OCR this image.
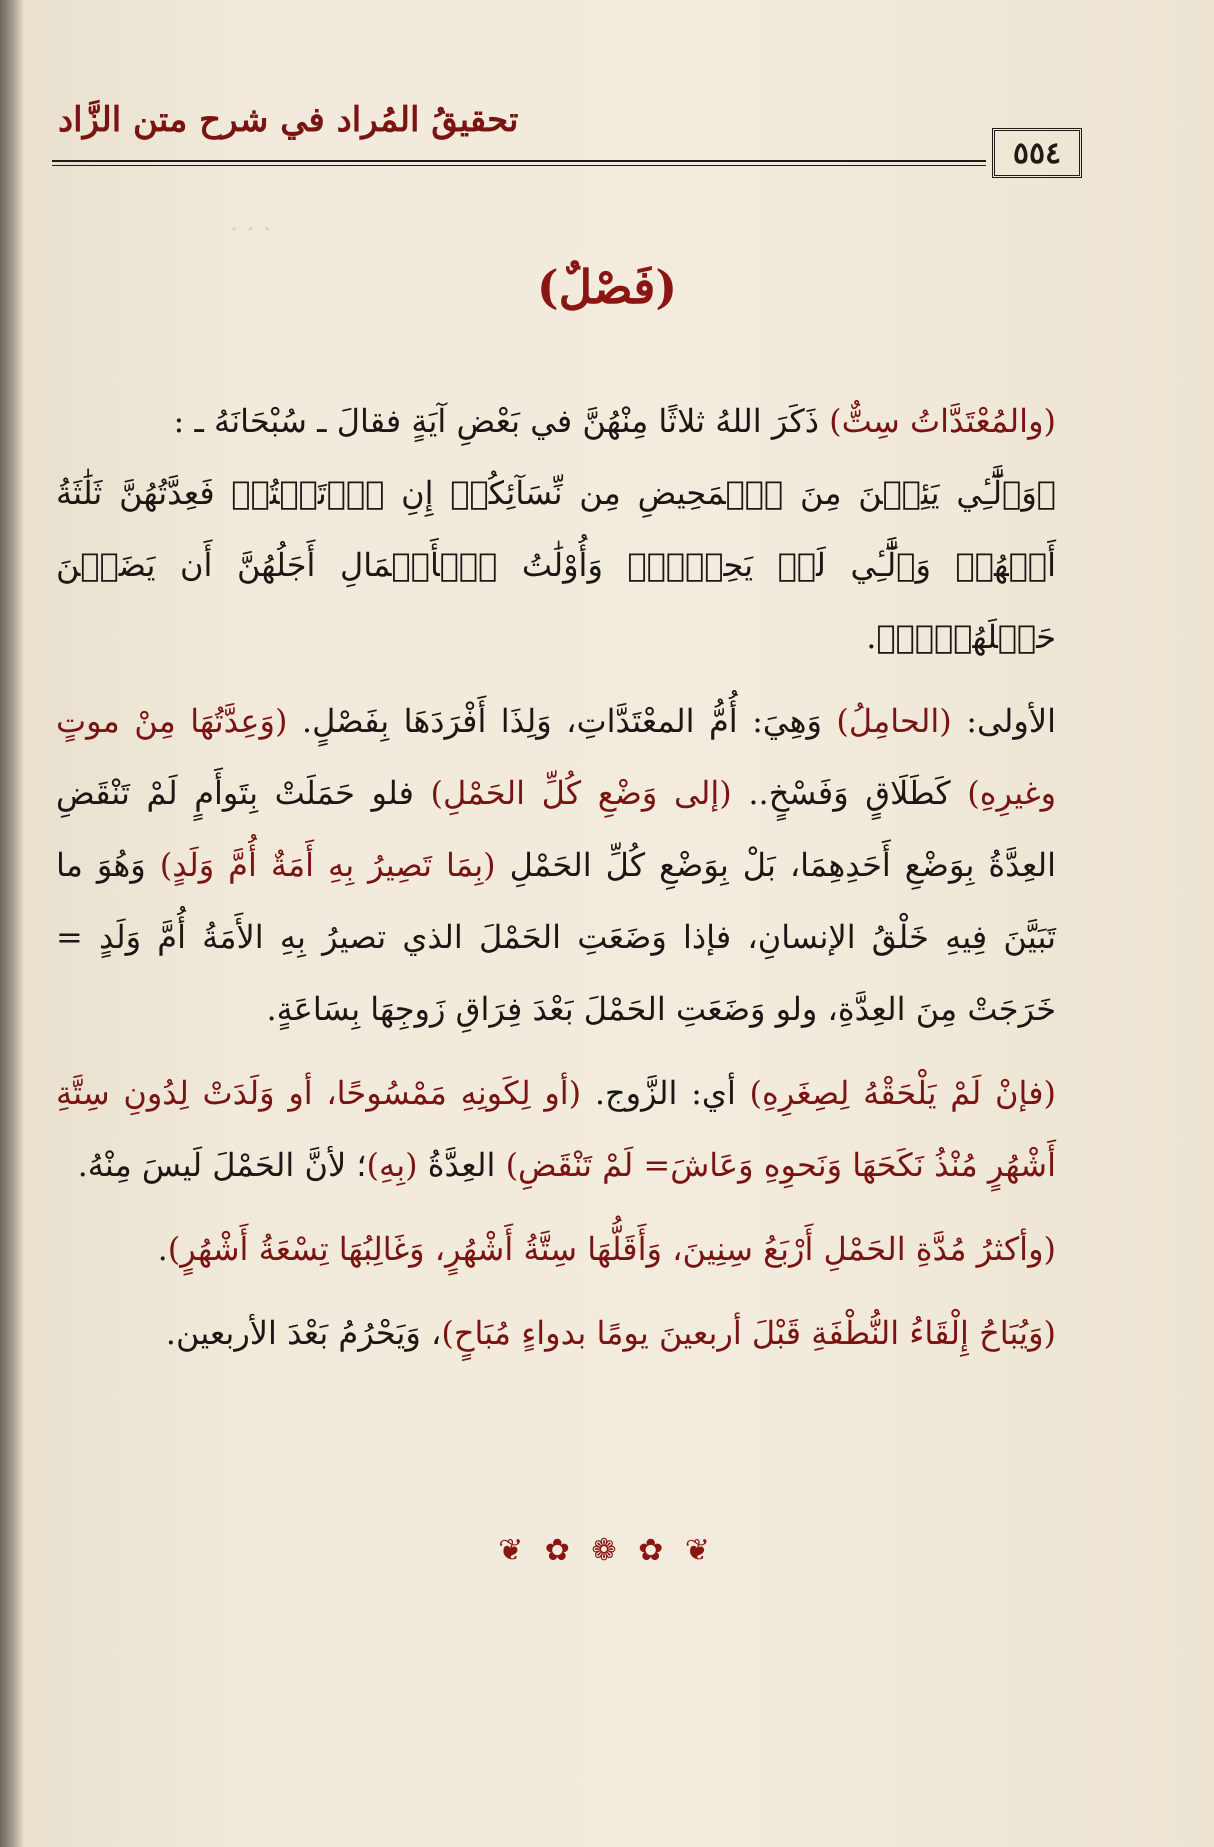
· · ·
تحقيقُ المُراد في شرح متن الزَّاد
٥٥٤
(فَصْلٌ)

(والمُعْتَدَّاتُ سِتٌّ) ذَكَرَ اللهُ ثلاثًا مِنْهُنَّ في بَعْضِ آيَةٍ فقالَ ـ سُبْحَانَهُ ـ :

﴿وَٱلَّٰٓـِٔي يَئِسۡنَ مِنَ ٱلۡمَحِيضِ مِن نِّسَآئِكُمۡ إِنِ ٱرۡتَبۡتُمۡ فَعِدَّتُهُنَّ ثَلَٰثَةُ أَشۡهُرٖ وَٱلَّٰٓـِٔي لَمۡ يَحِضۡنَۚ وَأُوْلَٰتُ ٱلۡأَحۡمَالِ أَجَلُهُنَّ أَن يَضَعۡنَ حَمۡلَهُنَّۚ﴾.

الأولى: (الحامِلُ) وَهِيَ: أُمُّ المعْتَدَّاتِ، وَلِذَا أَفْرَدَهَا بِفَصْلٍ. (وَعِدَّتُهَا مِنْ موتٍ وغيرِهِ) كَطَلَاقٍ وَفَسْخٍ.. (إلى وَضْعِ كُلِّ الحَمْلِ) فلو حَمَلَتْ بِتَوأَمٍ لَمْ تَنْقَضِ العِدَّةُ بِوَضْعِ أَحَدِهِمَا، بَلْ بِوَضْعِ كُلِّ الحَمْلِ (بِمَا تَصِيرُ بِهِ أَمَةٌ أُمَّ وَلَدٍ) وَهُوَ ما تَبَيَّنَ فِيهِ خَلْقُ الإنسانِ، فإذا وَضَعَتِ الحَمْلَ الذي تصيرُ بِهِ الأَمَةُ أُمَّ وَلَدٍ = خَرَجَتْ مِنَ العِدَّةِ، ولو وَضَعَتِ الحَمْلَ بَعْدَ فِرَاقِ زَوجِهَا بِسَاعَةٍ.

(فإنْ لَمْ يَلْحَقْهُ لِصِغَرِهِ) أي: الزَّوج. (أو لِكَونِهِ مَمْسُوحًا، أو وَلَدَتْ لِدُونِ سِتَّةِ أَشْهُرٍ مُنْذُ نَكَحَهَا وَنَحوِهِ وَعَاشَ= لَمْ تَنْقَضِ) العِدَّةُ (بِهِ)؛ لأنَّ الحَمْلَ لَيسَ مِنْهُ.

(وأكثرُ مُدَّةِ الحَمْلِ أَرْبَعُ سِنِينَ، وَأَقَلُّهَا سِتَّةُ أَشْهُرٍ، وَغَالِبُهَا تِسْعَةُ أَشْهُرٍ).

(وَيُبَاحُ إِلْقَاءُ النُّطْفَةِ قَبْلَ أربعينَ يومًا بدواءٍ مُبَاحٍ)، وَيَحْرُمُ بَعْدَ الأربعين.

❦ ✿ ❁ ✿ ❦
